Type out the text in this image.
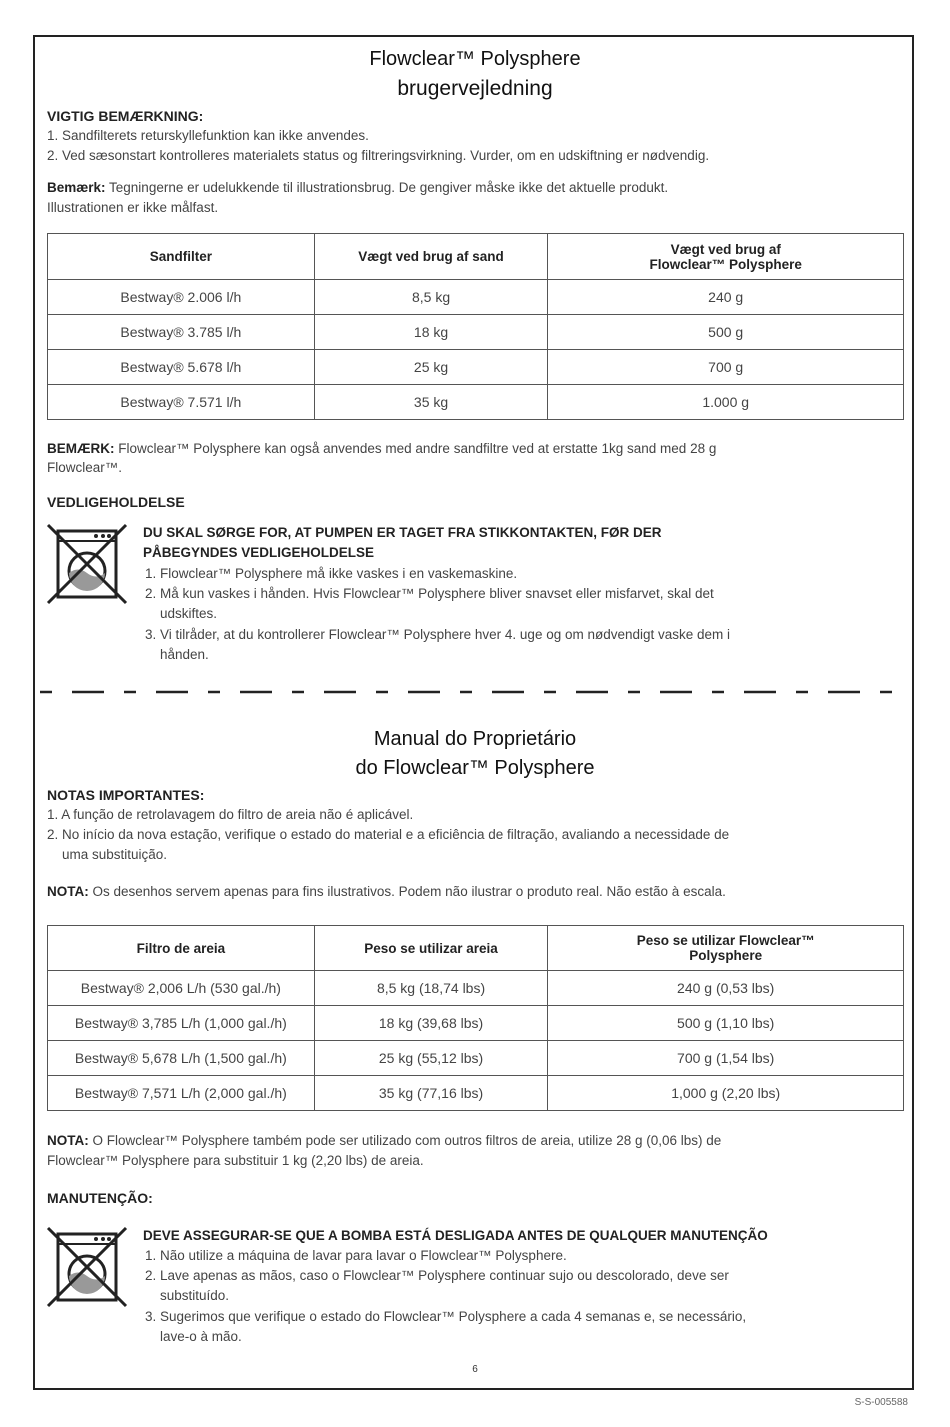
Flowclear™ Polysphere
brugervejledning
VIGTIG BEMÆRKNING:
1. Sandfilterets returskyllefunktion kan ikke anvendes.
2. Ved sæsonstart kontrolleres materialets status og filtreringsvirkning. Vurder, om en udskiftning er nødvendig.
Bemærk: Tegningerne er udelukkende til illustrationsbrug. De gengiver måske ikke det aktuelle produkt.
Illustrationen er ikke målfast.
Sandfilter	Vægt ved brug af sand	Vægt ved brug af
Flowclear™ Polysphere

Bestway® 2.006 l/h	8,5 kg	240 g
Bestway® 3.785 l/h	18 kg	500 g
Bestway® 5.678 l/h	25 kg	700 g
Bestway® 7.571 l/h	35 kg	1.000 g
BEMÆRK: Flowclear™ Polysphere kan også anvendes med andre sandfiltre ved at erstatte 1kg sand med 28 g
Flowclear™.
VEDLIGEHOLDELSE
DU SKAL SØRGE FOR, AT PUMPEN ER TAGET FRA STIKKONTAKTEN, FØR DER
PÅBEGYNDES VEDLIGEHOLDELSE
1. Flowclear™ Polysphere må ikke vaskes i en vaskemaskine.
2. Må kun vaskes i hånden. Hvis Flowclear™ Polysphere bliver snavset eller misfarvet, skal det
udskiftes.
3. Vi tilråder, at du kontrollerer Flowclear™ Polysphere hver 4. uge og om nødvendigt vaske dem i
hånden.
Manual do Proprietário
do Flowclear™ Polysphere
NOTAS IMPORTANTES:
1. A função de retrolavagem do filtro de areia não é aplicável.
2. No início da nova estação, verifique o estado do material e a eficiência de filtração, avaliando a necessidade de
uma substituição.
NOTA: Os desenhos servem apenas para fins ilustrativos. Podem não ilustrar o produto real. Não estão à escala.
Filtro de areia	Peso se utilizar areia	Peso se utilizar Flowclear™
Polysphere

Bestway® 2,006 L/h (530 gal./h)	8,5 kg (18,74 lbs)	240 g (0,53 lbs)
Bestway® 3,785 L/h (1,000 gal./h)	18 kg (39,68 lbs)	500 g (1,10 lbs)
Bestway® 5,678 L/h (1,500 gal./h)	25 kg (55,12 lbs)	700 g (1,54 lbs)
Bestway® 7,571 L/h (2,000 gal./h)	35 kg (77,16 lbs)	1,000 g (2,20 lbs)
NOTA: O Flowclear™ Polysphere também pode ser utilizado com outros filtros de areia, utilize 28 g (0,06 lbs) de
Flowclear™ Polysphere para substituir 1 kg (2,20 lbs) de areia.
MANUTENÇÃO:
DEVE ASSEGURAR-SE QUE A BOMBA ESTÁ DESLIGADA ANTES DE QUALQUER MANUTENÇÃO
1. Não utilize a máquina de lavar para lavar o Flowclear™ Polysphere.
2. Lave apenas as mãos, caso o Flowclear™ Polysphere continuar sujo ou descolorado, deve ser
substituído.
3. Sugerimos que verifique o estado do Flowclear™ Polysphere a cada 4 semanas e, se necessário,
lave-o à mão.
6
S-S-005588
